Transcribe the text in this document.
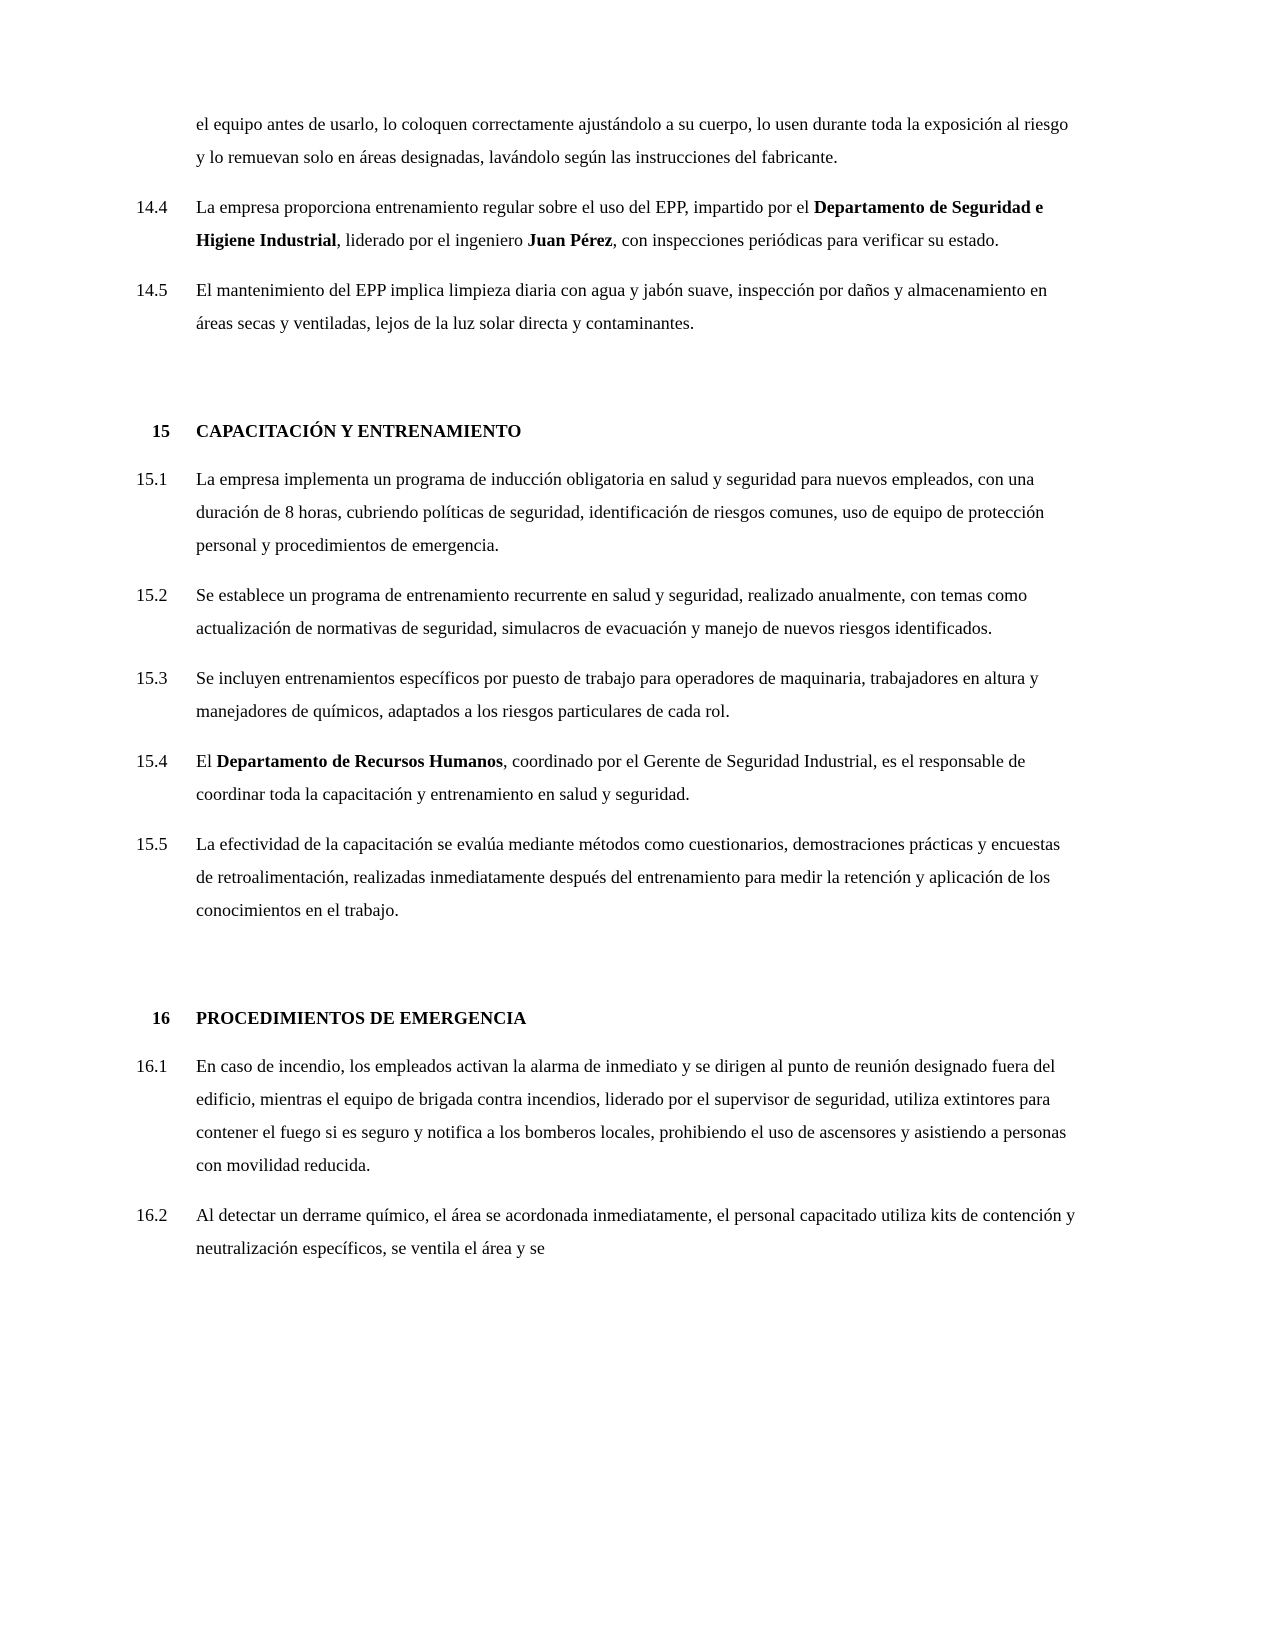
el equipo antes de usarlo, lo coloquen correctamente ajustándolo a su cuerpo, lo usen durante toda la exposición al riesgo y lo remuevan solo en áreas designadas, lavándolo según las instrucciones del fabricante.
14.4	La empresa proporciona entrenamiento regular sobre el uso del EPP, impartido por el Departamento de Seguridad e Higiene Industrial, liderado por el ingeniero Juan Pérez, con inspecciones periódicas para verificar su estado.
14.5	El mantenimiento del EPP implica limpieza diaria con agua y jabón suave, inspección por daños y almacenamiento en áreas secas y ventiladas, lejos de la luz solar directa y contaminantes.
15	CAPACITACIÓN Y ENTRENAMIENTO
15.1	La empresa implementa un programa de inducción obligatoria en salud y seguridad para nuevos empleados, con una duración de 8 horas, cubriendo políticas de seguridad, identificación de riesgos comunes, uso de equipo de protección personal y procedimientos de emergencia.
15.2	Se establece un programa de entrenamiento recurrente en salud y seguridad, realizado anualmente, con temas como actualización de normativas de seguridad, simulacros de evacuación y manejo de nuevos riesgos identificados.
15.3	Se incluyen entrenamientos específicos por puesto de trabajo para operadores de maquinaria, trabajadores en altura y manejadores de químicos, adaptados a los riesgos particulares de cada rol.
15.4	El Departamento de Recursos Humanos, coordinado por el Gerente de Seguridad Industrial, es el responsable de coordinar toda la capacitación y entrenamiento en salud y seguridad.
15.5	La efectividad de la capacitación se evalúa mediante métodos como cuestionarios, demostraciones prácticas y encuestas de retroalimentación, realizadas inmediatamente después del entrenamiento para medir la retención y aplicación de los conocimientos en el trabajo.
16	PROCEDIMIENTOS DE EMERGENCIA
16.1	En caso de incendio, los empleados activan la alarma de inmediato y se dirigen al punto de reunión designado fuera del edificio, mientras el equipo de brigada contra incendios, liderado por el supervisor de seguridad, utiliza extintores para contener el fuego si es seguro y notifica a los bomberos locales, prohibiendo el uso de ascensores y asistiendo a personas con movilidad reducida.
16.2	Al detectar un derrame químico, el área se acordonada inmediatamente, el personal capacitado utiliza kits de contención y neutralización específicos, se ventila el área y se
